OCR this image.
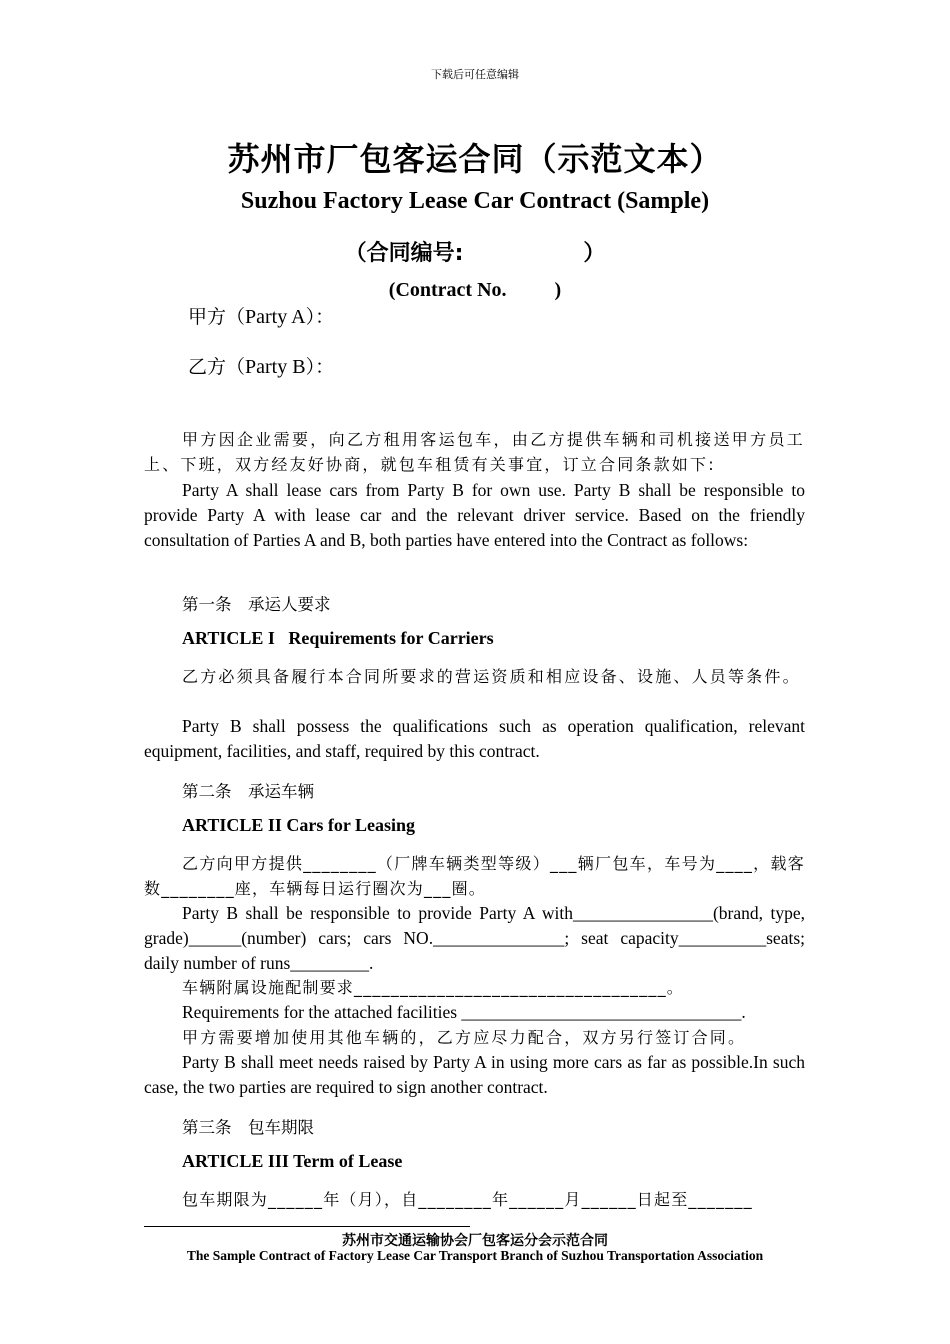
下载后可任意编辑
苏州市厂包客运合同（示范文本）
Suzhou Factory Lease Car Contract (Sample)
（合同编号:	）
(Contract No. )
甲方（Party A）：
乙方（Party B）：
甲方因企业需要，向乙方租用客运包车，由乙方提供车辆和司机接送甲方员工上、下班，双方经友好协商，就包车租赁有关事宜，订立合同条款如下:
Party A shall lease cars from Party B for own use. Party B shall be responsible to provide Party A with lease car and the relevant driver service. Based on the friendly consultation of Parties A and B, both parties have entered into the Contract as follows:
第一条　承运人要求
ARTICLE I   Requirements for Carriers
乙方必须具备履行本合同所要求的营运资质和相应设备、设施、人员等条件。
Party B shall possess the qualifications such as operation qualification, relevant equipment, facilities, and staff, required by this contract.
第二条　承运车辆
ARTICLE II Cars for Leasing
乙方向甲方提供________（厂牌车辆类型等级）___辆厂包车，车号为____，载客数________座，车辆每日运行圈次为___圈。
Party B shall be responsible to provide Party A with________________(brand, type, grade)______(number) cars; cars NO._______________; seat capacity__________seats; daily number of runs_________.
车辆附属设施配制要求__________________________________。
Requirements for the attached facilities ________________________________.
甲方需要增加使用其他车辆的，乙方应尽力配合，双方另行签订合同。
Party B shall meet needs raised by Party A in using more cars as far as possible.In such case, the two parties are required to sign another contract.
第三条　包车期限
ARTICLE III Term of Lease
包车期限为______年（月），自________年______月______日起至_______
苏州市交通运输协会厂包客运分会示范合同
The Sample Contract of Factory Lease Car Transport Branch of Suzhou Transportation Association
